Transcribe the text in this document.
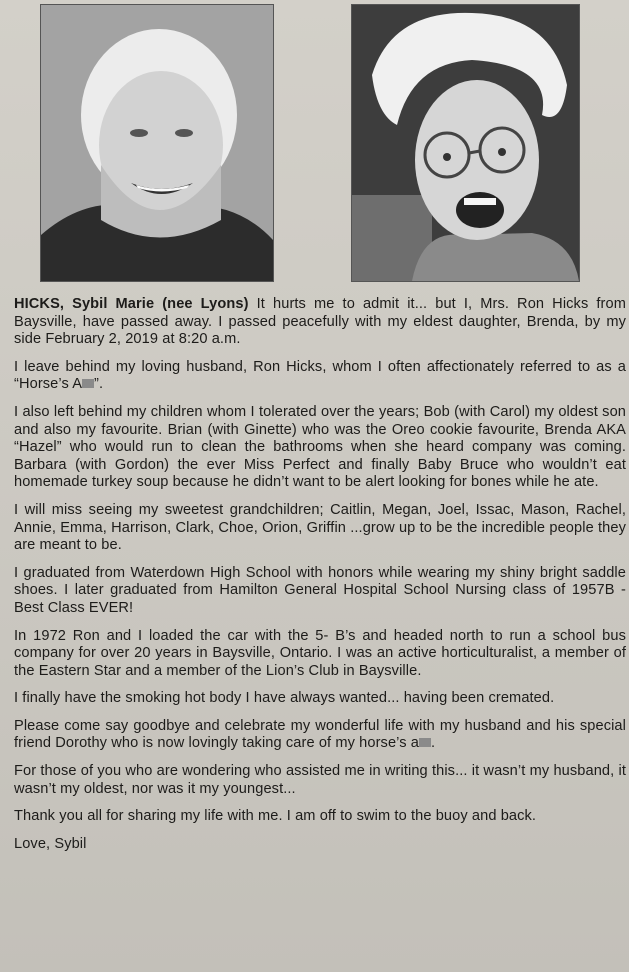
HICKS, Sybil Marie (nee Lyons) It hurts me to admit it... but I, Mrs. Ron Hicks from Baysville, have passed away. I passed peacefully with my eldest daughter, Brenda, by my side February 2, 2019 at 8:20 a.m.

I leave behind my loving husband, Ron Hicks, whom I often affectionately referred to as a “Horse’s A ”.

I also left behind my children whom I tolerated over the years; Bob (with Carol) my oldest son and also my favourite. Brian (with Ginette) who was the Oreo cookie favourite, Brenda AKA “Hazel” who would run to clean the bathrooms when she heard company was coming. Barbara (with Gordon) the ever Miss Perfect and finally Baby Bruce who wouldn’t eat homemade turkey soup because he didn’t want to be alert looking for bones while he ate.

I will miss seeing my sweetest grandchildren; Caitlin, Megan, Joel, Issac, Mason, Rachel, Annie, Emma, Harrison, Clark, Choe, Orion, Griffin ...grow up to be the incredible people they are meant to be.

I graduated from Waterdown High School with honors while wearing my shiny bright saddle shoes. I later graduated from Hamilton General Hospital School Nursing class of 1957B - Best Class EVER!

In 1972 Ron and I loaded the car with the 5- B’s and headed north to run a school bus company for over 20 years in Baysville, Ontario. I was an active horticulturalist, a member of the Eastern Star and a member of the Lion’s Club in Baysville.

I finally have the smoking hot body I have always wanted... having been cremated.

Please come say goodbye and celebrate my wonderful life with my husband and his special friend Dorothy who is now lovingly taking care of my horse’s a .

For those of you who are wondering who assisted me in writing this... it wasn’t my husband, it wasn’t my oldest, nor was it my youngest...

Thank you all for sharing my life with me. I am off to swim to the buoy and back.

Love, Sybil
